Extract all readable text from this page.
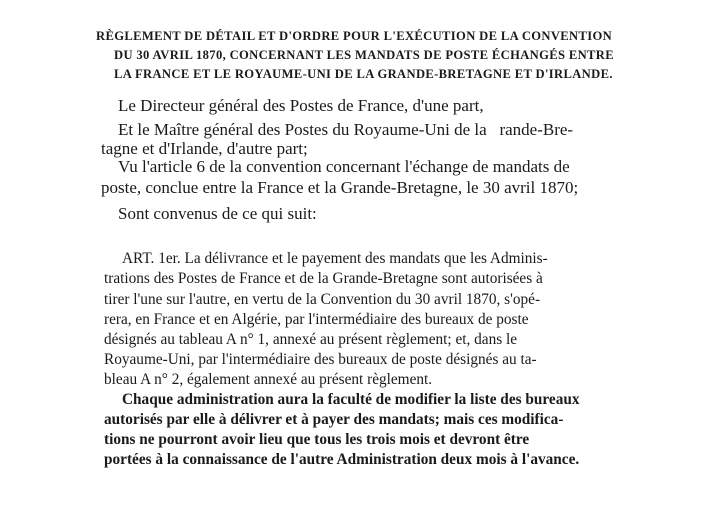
RÈGLEMENT DE DÉTAIL ET D'ORDRE POUR L'EXÉCUTION DE LA CONVENTION
DU 30 AVRIL 1870, CONCERNANT LES MANDATS DE POSTE ÉCHANGÉS ENTRE
LA FRANCE ET LE ROYAUME-UNI DE LA GRANDE-BRETAGNE ET D'IRLANDE.
Le Directeur général des Postes de France, d'une part,
Et le Maître général des Postes du Royaume-Uni de la   rande-Bre-
tagne et d'Irlande, d'autre part;
Vu l'article 6 de la convention concernant l'échange de mandats de
poste, conclue entre la France et la Grande-Bretagne, le 30 avril 1870;
Sont convenus de ce qui suit:
ART. 1er. La délivrance et le payement des mandats que les Adminis-
trations des Postes de France et de la Grande-Bretagne sont autorisées à
tirer l'une sur l'autre, en vertu de la Convention du 30 avril 1870, s'opé-
rera, en France et en Algérie, par l'intermédiaire des bureaux de poste
désignés au tableau A n° 1, annexé au présent règlement; et, dans le
Royaume-Uni, par l'intermédiaire des bureaux de poste désignés au ta-
bleau A n° 2, également annexé au présent règlement.
Chaque administration aura la faculté de modifier la liste des bureaux
autorisés par elle à délivrer et à payer des mandats; mais ces modifica-
tions ne pourront avoir lieu que tous les trois mois et devront être
portées à la connaissance de l'autre Administration deux mois à l'avance.
